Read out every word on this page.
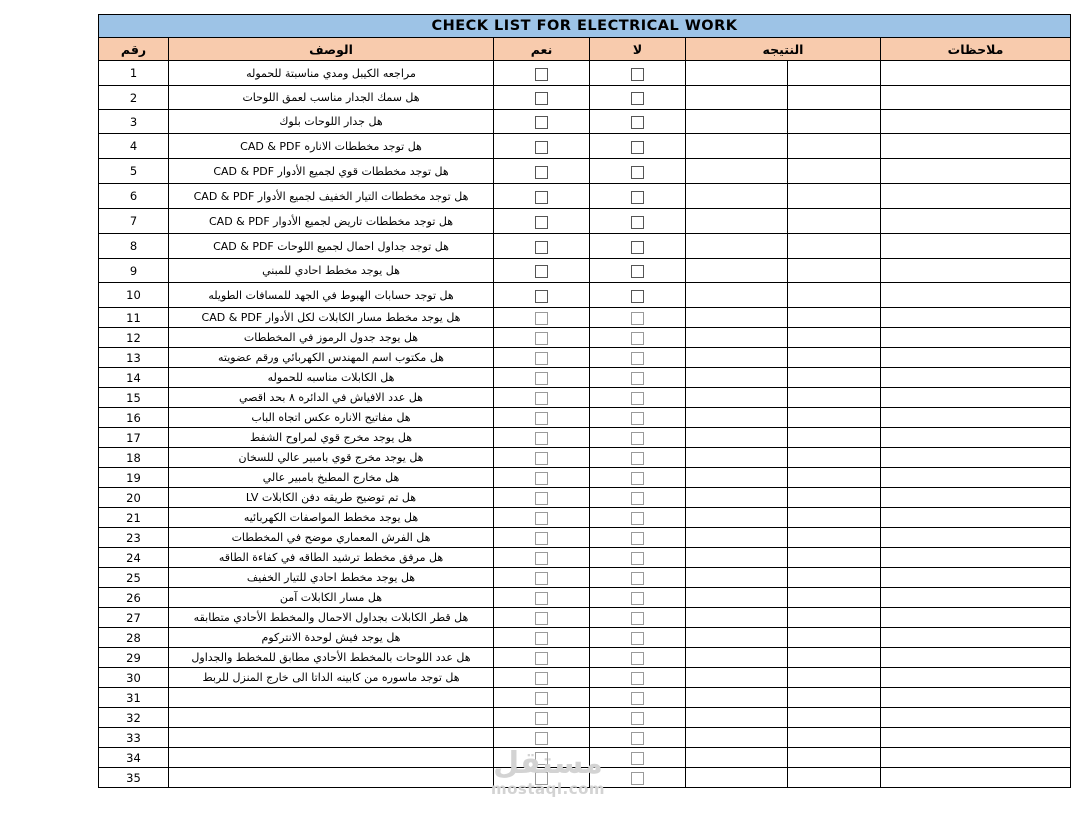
CHECK LIST FOR ELECTRICAL WORK						
رقم	الوصف	نعم	لا	النتيجه		ملاحظات
1	مراجعه الكيبل ومدي مناسبتة للحموله					
2	هل سمك الجدار مناسب لعمق اللوحات					
3	هل جدار اللوحات بلوك					
4	هل توجد مخططات الاناره CAD & PDF					
5	هل توجد مخططات قوي لجميع الأدوار CAD & PDF					
6	هل توجد مخططات التيار الخفيف لجميع الأدوار CAD & PDF					
7	هل توجد مخططات تاريض لجميع الأدوار CAD & PDF					
8	هل توجد جداول احمال لجميع اللوحات CAD & PDF					
9	هل يوجد مخطط احادي للمبني					
10	هل توجد حسابات الهبوط في الجهد للمسافات الطويله					
11	هل يوجد مخطط مسار الكابلات لكل الأدوار CAD & PDF					
12	هل يوجد جدول الرموز في المخططات					
13	هل مكتوب اسم المهندس الكهربائي ورقم عضويته					
14	هل الكابلات مناسبه للحموله					
15	هل عدد الافياش في الدائره ٨ بحد اقصي					
16	هل مفاتيح الاناره عكس اتجاه الباب					
17	هل يوجد مخرج قوي لمراوح الشفط					
18	هل يوجد مخرج قوي بامبير عالي للسخان					
19	هل مخارج المطبخ بامبير عالي					
20	هل تم توضيح طريقه دفن الكابلات LV					
21	هل يوجد مخطط المواصفات الكهربائيه					
23	هل الفرش المعماري موضح في المخططات					
24	هل مرفق مخطط ترشيد الطاقه في كفاءة الطاقه					
25	هل يوجد مخطط احادي للتيار الخفيف					
26	هل مسار الكابلات آمن					
27	هل قطر الكابلات بجداول الاحمال والمخطط الأحادي متطابقه					
28	هل يوجد فيش لوحدة الانتركوم					
29	هل عدد اللوحات بالمخطط الأحادي مطابق للمخطط والجداول					
30	هل توجد ماسوره من كابينه الداتا الى خارج المنزل للربط					
31						
32						
33						
34						
35							مستقل
mostaql.com
